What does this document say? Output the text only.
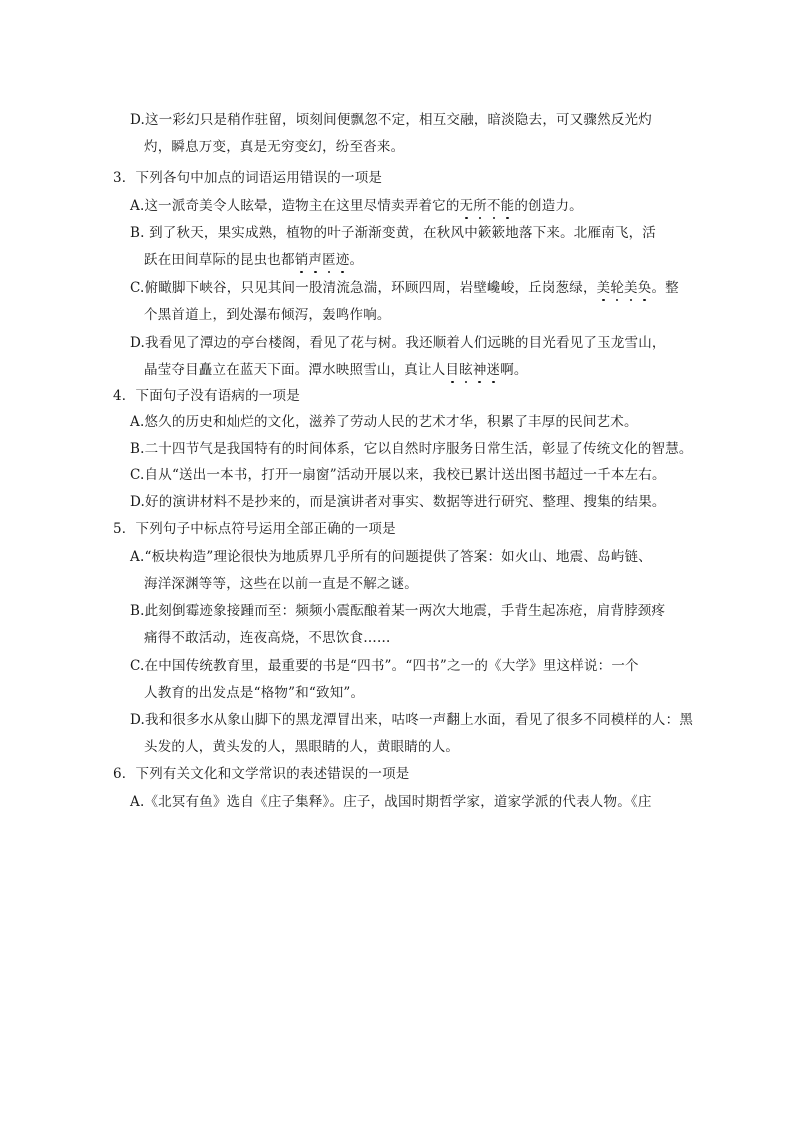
D.这一彩幻只是稍作驻留，顷刻间便飘忽不定，相互交融，暗淡隐去，可又骤然反光灼
灼，瞬息万变，真是无穷变幻，纷至沓来。
3．下列各句中加点的词语运用错误的一项是
A.这一派奇美令人眩晕，造物主在这里尽情卖弄着它的无所不能的创造力。
B. 到了秋天，果实成熟，植物的叶子渐渐变黄，在秋风中簌簌地落下来。北雁南飞，活
跃在田间草际的昆虫也都销声匿迹。
C.俯瞰脚下峡谷，只见其间一股清流急湍，环顾四周，岩壁巉峻，丘岗葱绿，美轮美奂。整
个黑首道上，到处瀑布倾泻，轰鸣作响。
D.我看见了潭边的亭台楼阁，看见了花与树。我还顺着人们远眺的目光看见了玉龙雪山，
晶莹夺目矗立在蓝天下面。潭水映照雪山，真让人目眩神迷啊。
4．下面句子没有语病的一项是
A.悠久的历史和灿烂的文化，滋养了劳动人民的艺术才华，积累了丰厚的民间艺术。
B.二十四节气是我国特有的时间体系，它以自然时序服务日常生活，彰显了传统文化的智慧。
C.自从“送出一本书，打开一扇窗”活动开展以来，我校已累计送出图书超过一千本左右。
D.好的演讲材料不是抄来的，而是演讲者对事实、数据等进行研究、整理、搜集的结果。
5．下列句子中标点符号运用全部正确的一项是
A.“板块构造”理论很快为地质界几乎所有的问题提供了答案：如火山、地震、岛屿链、
海洋深渊等等，这些在以前一直是不解之谜。
B.此刻倒霉迹象接踵而至：频频小震酝酿着某一两次大地震，手背生起冻疮，肩背脖颈疼
痛得不敢活动，连夜高烧，不思饮食……
C.在中国传统教育里，最重要的书是“四书”。“四书”之一的《大学》里这样说：一个
人教育的出发点是“格物”和“致知”。
D.我和很多水从象山脚下的黑龙潭冒出来，咕咚一声翻上水面，看见了很多不同模样的人：黑
头发的人，黄头发的人，黑眼睛的人，黄眼睛的人。
6．下列有关文化和文学常识的表述错误的一项是
A.《北冥有鱼》选自《庄子集释》。庄子，战国时期哲学家，道家学派的代表人物。《庄
